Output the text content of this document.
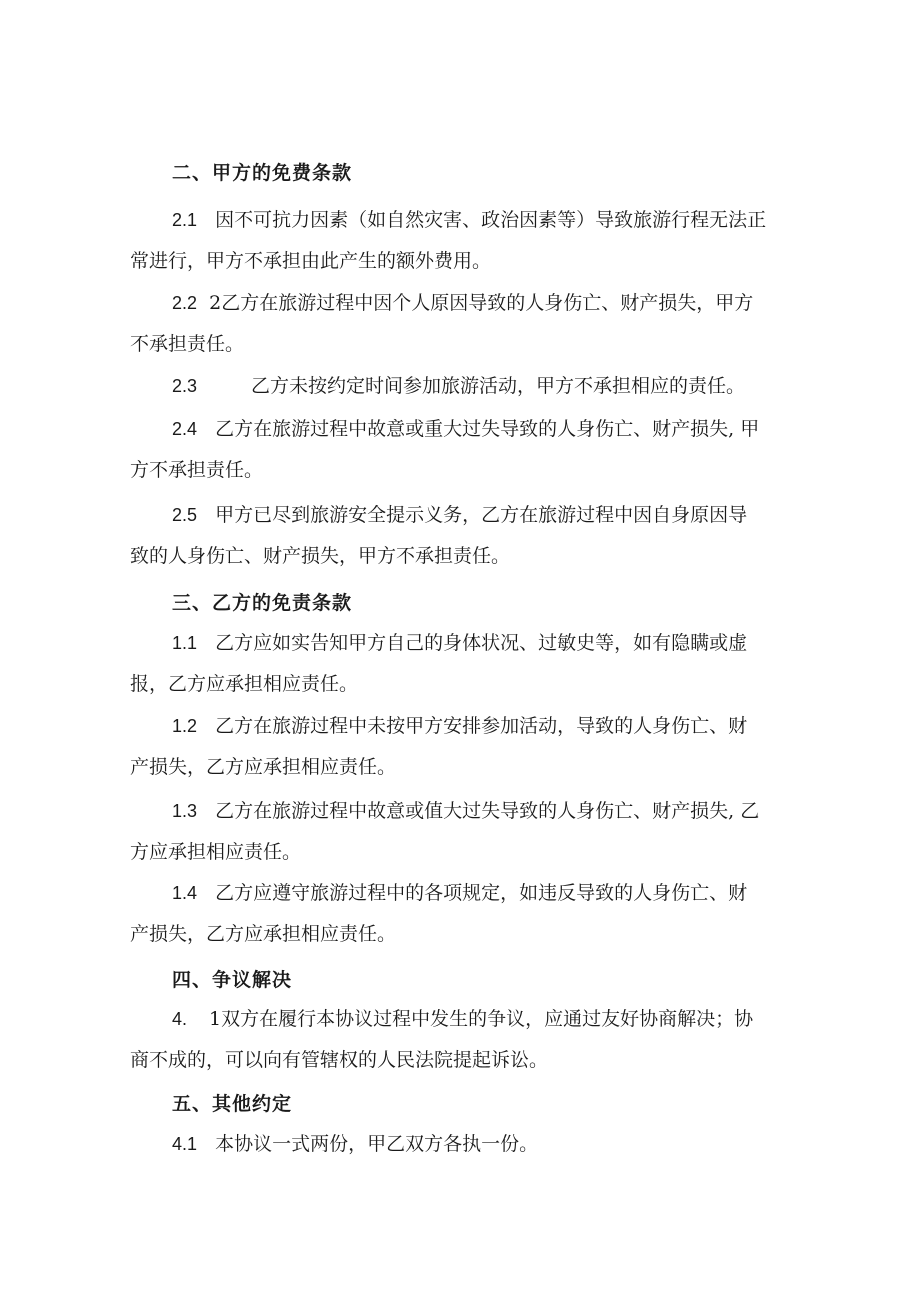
二、甲方的免费条款
2.1 因不可抗力因素（如自然灾害、政治因素等）导致旅游行程无法正
常进行，甲方不承担由此产生的额外费用。
2.2 2乙方在旅游过程中因个人原因导致的人身伤亡、财产损失，甲方
不承担责任。
2.3	乙方未按约定时间参加旅游活动，甲方不承担相应的责任。
2.4 乙方在旅游过程中故意或重大过失导致的人身伤亡、财产损失, 甲
方不承担责任。
2.5 甲方已尽到旅游安全提示义务，乙方在旅游过程中因自身原因导
致的人身伤亡、财产损失，甲方不承担责任。
三、乙方的免责条款
1.1 乙方应如实告知甲方自己的身体状况、过敏史等，如有隐瞒或虚
报，乙方应承担相应责任。
1.2 乙方在旅游过程中未按甲方安排参加活动，导致的人身伤亡、财
产损失，乙方应承担相应责任。
1.3 乙方在旅游过程中故意或值大过失导致的人身伤亡、财产损失, 乙
方应承担相应责任。
1.4 乙方应遵守旅游过程中的各项规定，如违反导致的人身伤亡、财
产损失，乙方应承担相应责任。
四、争议解决
4. 1双方在履行本协议过程中发生的争议，应通过友好协商解决；协
商不成的，可以向有管辖权的人民法院提起诉讼。
五、其他约定
4.1 本协议一式两份，甲乙双方各执一份。
